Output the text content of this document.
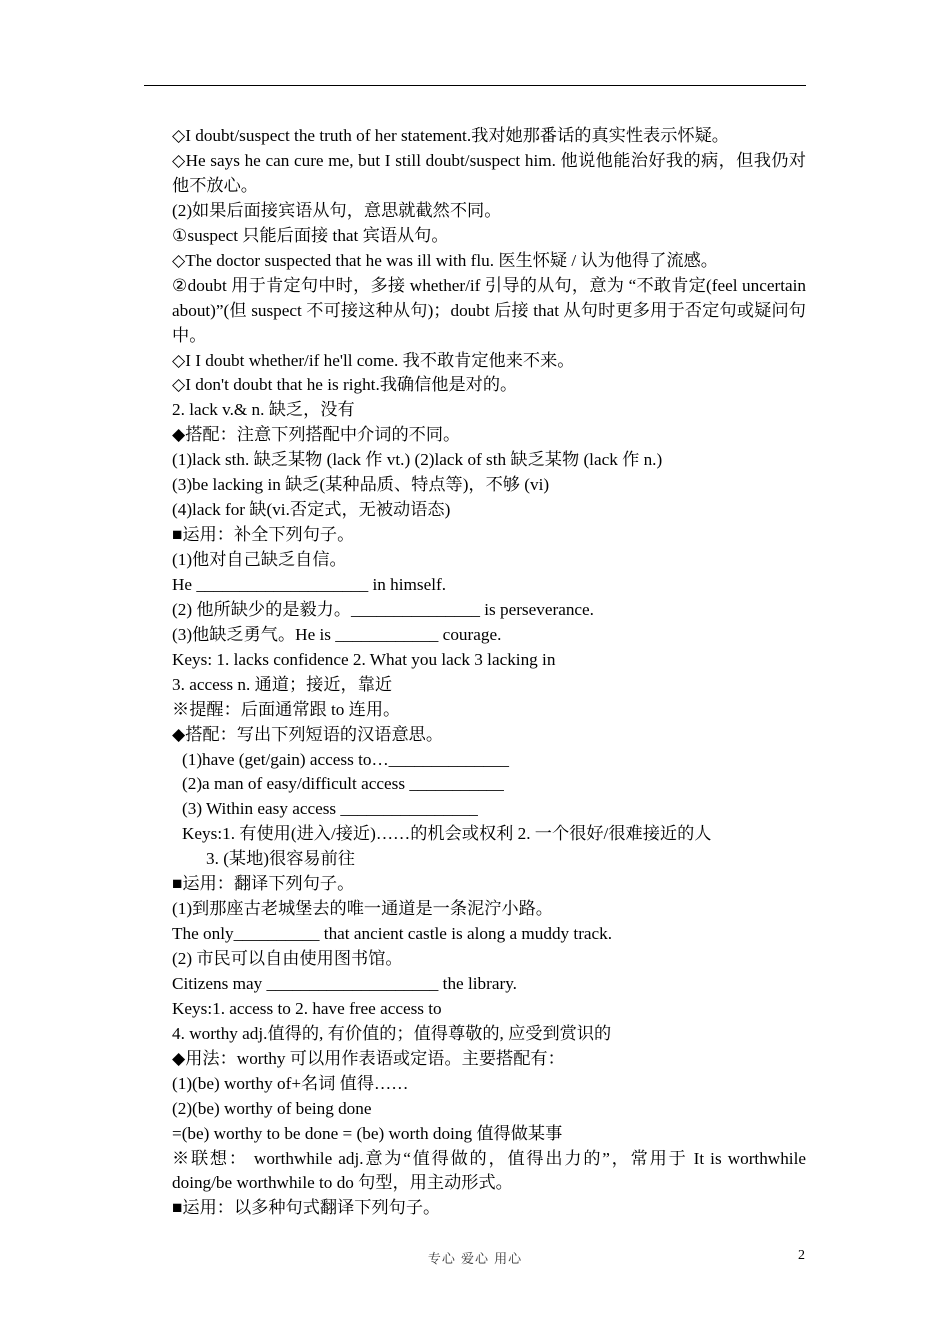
◇I doubt/suspect the truth of her statement.我对她那番话的真实性表示怀疑。
◇He says he can cure me, but I still doubt/suspect him. 他说他能治好我的病，但我仍对他不放心。
(2)如果后面接宾语从句，意思就截然不同。
①suspect 只能后面接 that 宾语从句。
◇The doctor suspected that he was ill with flu. 医生怀疑 / 认为他得了流感。
②doubt 用于肯定句中时，多接 whether/if 引导的从句，意为 “不敢肯定(feel uncertain about)”(但 suspect 不可接这种从句)；doubt 后接 that 从句时更多用于否定句或疑问句中。
◇I I doubt whether/if he'll come. 我不敢肯定他来不来。
◇I don't doubt that he is right.我确信他是对的。
2. lack v.& n. 缺乏，没有
◆搭配：注意下列搭配中介词的不同。
(1)lack sth. 缺乏某物 (lack 作 vt.) (2)lack of sth 缺乏某物 (lack 作 n.)
(3)be lacking in 缺乏(某种品质、特点等)，不够 (vi)
(4)lack for 缺(vi.否定式，无被动语态)
■运用：补全下列句子。
(1)他对自己缺乏自信。
He ____________________ in himself.
(2) 他所缺少的是毅力。_______________ is perseverance.
(3)他缺乏勇气。He is ____________ courage.
Keys: 1. lacks confidence 2. What you lack 3 lacking in
3. access n. 通道；接近，靠近
※提醒：后面通常跟 to 连用。
◆搭配：写出下列短语的汉语意思。
(1)have (get/gain) access to…______________
(2)a man of easy/difficult access ___________
(3) Within easy access ________________
Keys:1. 有使用(进入/接近)……的机会或权利 2. 一个很好/很难接近的人
3. (某地)很容易前往
■运用：翻译下列句子。
(1)到那座古老城堡去的唯一通道是一条泥泞小路。
The only__________ that ancient castle is along a muddy track.
(2) 市民可以自由使用图书馆。
Citizens may ____________________ the library.
Keys:1. access to 2. have free access to
4. worthy adj.值得的, 有价值的；值得尊敬的, 应受到赏识的
◆用法：worthy 可以用作表语或定语。主要搭配有：
(1)(be) worthy of+名词 值得……
(2)(be) worthy of being done
=(be) worthy to be done = (be) worth doing 值得做某事
※联想： worthwhile adj.意为“值得做的，值得出力的”，常用于 It is worthwhile doing/be worthwhile to do 句型，用主动形式。
■运用：以多种句式翻译下列句子。
专心 爱心 用心	2
